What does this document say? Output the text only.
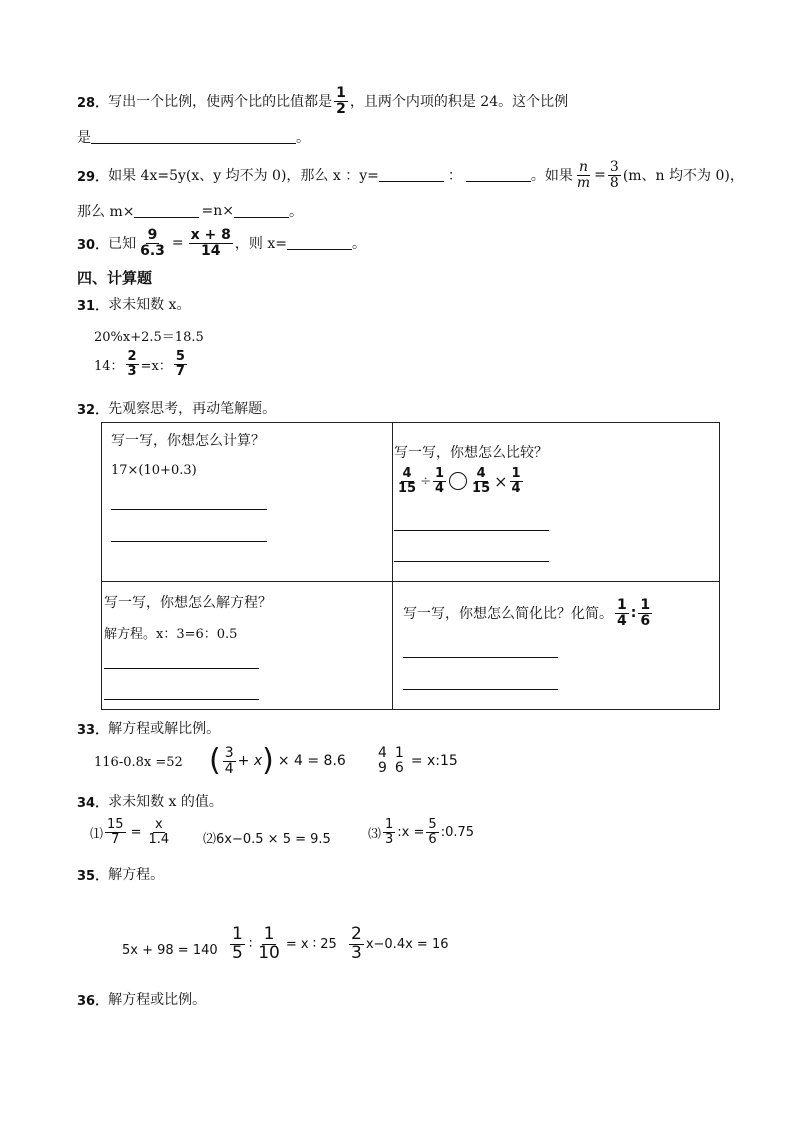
28． 写出一个比例，使两个比的比值都是 $\frac{1}{2}$ ，且两个内项的积是 24。这个比例
是	。
29． 如果 4x=5y(x、y 均不为 0)，那么 x ：y=	：	。如果 $\frac{n}{m} = \frac{3}{8} (m$、n 均不为 0)，
那么 m×	=n×	。
30． 已知 $\frac{9}{6.3} = \frac{x + 8}{14}$ ，则 x=	。
四、计算题
31． 求未知数 x。
20%x+2.5＝18.5
14： $\frac{2}{3} =x$： $\frac{5}{7}$
32． 先观察思考，再动笔解题。
写一写，你想怎么计算？
17×(10+0.3)
写一写，你想怎么比较？
$\frac{4}{15} \div \frac{1}{4} \frac{4}{15} \times \frac{1}{4}$
写一写，你想怎么解方程？
解方程。x：3=6：0.5
写一写，你想怎么简化比？化简。 $\frac{1}{4}$ : $\frac{1}{6}$
33． 解方程或解比例。
116-0.8x =52 ( $\frac{3}{4} + x$ ) × 4 = 8.6
4
9
1
6 = x:15
34． 求未知数 x 的值。
⑴ $\frac{15}{7} = \frac{x}{1.4}$ ⑵6x−0.5 × 5 = 9.5	⑶ $\frac{1}{3}$ :x = $\frac{5}{6}$ :0.75
35． 解方程。
$5x + 98 = 140 \frac{1}{5}$ ∶ $\frac{1}{10} = x$ ∶ $25 \frac{2}{3} x-0.4x = 16$
36． 解方程或比例。
